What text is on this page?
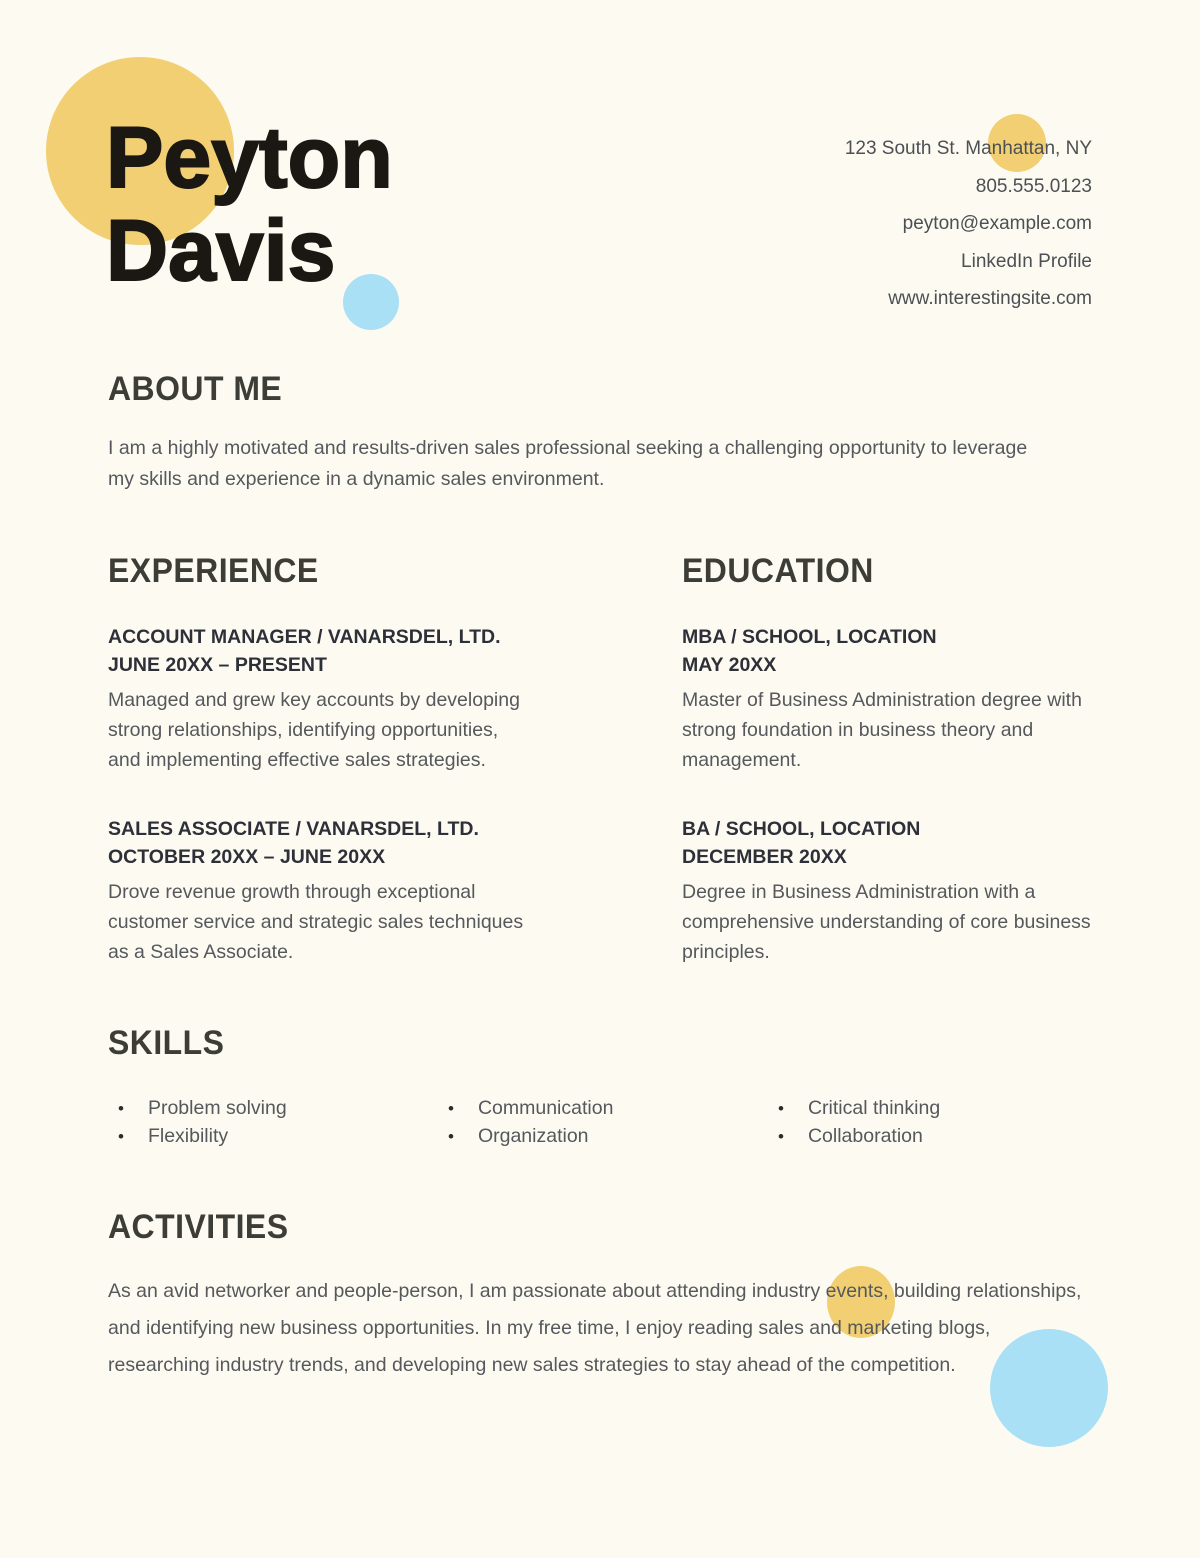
Peyton
Davis
123 South St. Manhattan, NY
805.555.0123
peyton@example.com
LinkedIn Profile
www.interestingsite.com
ABOUT ME

I am a highly motivated and results-driven sales professional seeking a challenging opportunity to leverage my skills and experience in a dynamic sales environment.

EXPERIENCE
ACCOUNT MANAGER / VANARSDEL, LTD.
JUNE 20XX – PRESENT

Managed and grew key accounts by developing strong relationships, identifying opportunities, and implementing effective sales strategies.

SALES ASSOCIATE / VANARSDEL, LTD.
OCTOBER 20XX – JUNE 20XX

Drove revenue growth through exceptional customer service and strategic sales techniques as a Sales Associate.

EDUCATION
MBA / SCHOOL, LOCATION
MAY 20XX

Master of Business Administration degree with strong foundation in business theory and management.

BA / SCHOOL, LOCATION
DECEMBER 20XX

Degree in Business Administration with a comprehensive understanding of core business principles.

SKILLS
• Problem solving	• Communication	• Critical thinking
• Flexibility	• Organization	• Collaboration
ACTIVITIES

As an avid networker and people-person, I am passionate about attending industry events, building relationships, and identifying new business opportunities. In my free time, I enjoy reading sales and marketing blogs, researching industry trends, and developing new sales strategies to stay ahead of the competition.
